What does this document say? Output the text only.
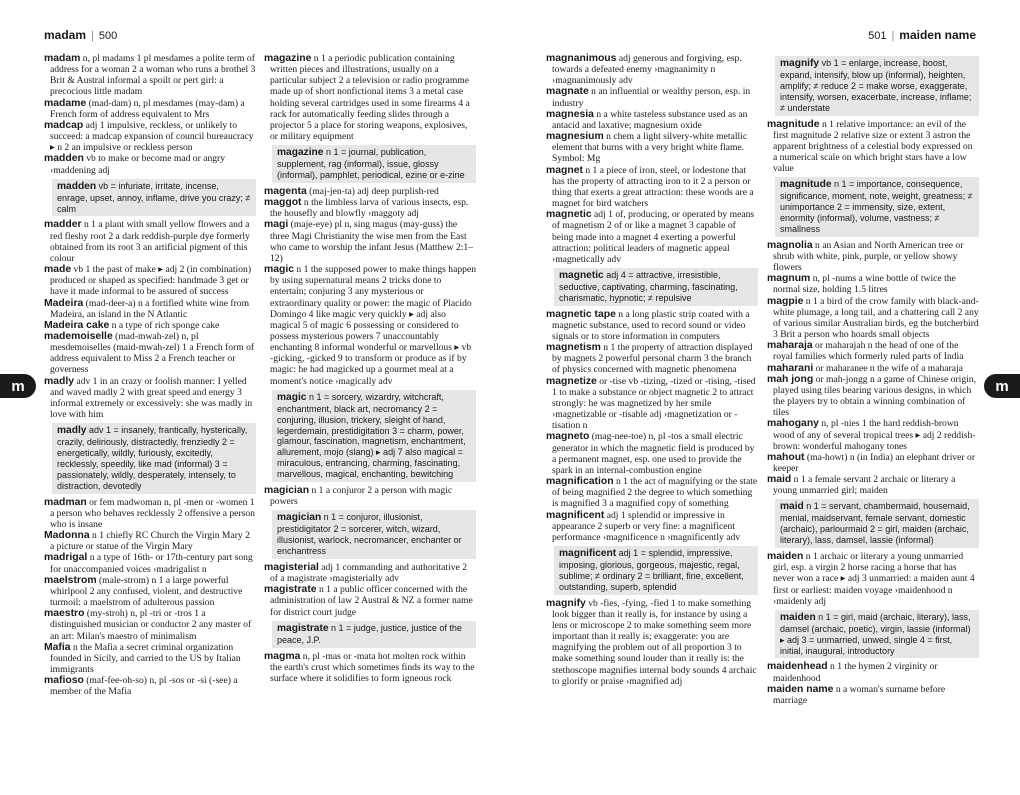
madam | 500	501 | maiden name
m	m
madam n, pl madams 1 pl mesdames a polite term of address for a woman 2 a woman who runs a brothel 3 Brit & Austral informal a spoilt or pert girl: a precocious little madam
madame (mad-dam) n, pl mesdames (may-dam) a French form of address equivalent to Mrs
madcap adj 1 impulsive, reckless, or unlikely to succeed: a madcap expansion of council bureaucracy ▸ n 2 an impulsive or reckless person
madden vb to make or become mad or angry ›maddening adj
madden vb = infuriate, irritate, incense, enrage, upset, annoy, inflame, drive you crazy; ≠ calm
madder n 1 a plant with small yellow flowers and a red fleshy root 2 a dark reddish-purple dye formerly obtained from its root 3 an artificial pigment of this colour
made vb 1 the past of make ▸ adj 2 (in combination) produced or shaped as specified: handmade 3 get or have it made informal to be assured of success
Madeira (mad-deer-a) n a fortified white wine from Madeira, an island in the N Atlantic
Madeira cake n a type of rich sponge cake
mademoiselle (mad-mwah-zel) n, pl mesdemoiselles (maid-mwah-zel) 1 a French form of address equivalent to Miss 2 a French teacher or governess
madly adv 1 in an crazy or foolish manner: I yelled and waved madly 2 with great speed and energy 3 informal extremely or excessively: she was madly in love with him
madly adv 1 = insanely, frantically, hysterically, crazily, deliriously, distractedly, frenziedly 2 = energetically, wildly, furiously, excitedly, recklessly, speedily, like mad (informal) 3 = passionately, wildly, desperately, intensely, to distraction, devotedly
madman or fem madwoman n, pl -men or -women 1 a person who behaves recklessly 2 offensive a person who is insane
Madonna n 1 chiefly RC Church the Virgin Mary 2 a picture or statue of the Virgin Mary
madrigal n a type of 16th- or 17th-century part song for unaccompanied voices ›madrigalist n
maelstrom (male-strom) n 1 a large powerful whirlpool 2 any confused, violent, and destructive turmoil: a maelstrom of adulterous passion
maestro (my-stroh) n, pl -tri or -tros 1 a distinguished musician or conductor 2 any master of an art: Milan's maestro of minimalism
Mafia n the Mafia a secret criminal organization founded in Sicily, and carried to the US by Italian immigrants
mafioso (maf-fee-oh-so) n, pl -sos or -si (-see) a member of the Mafia
magazine n 1 a periodic publication containing written pieces and illustrations, usually on a particular subject 2 a television or radio programme made up of short nonfictional items 3 a metal case holding several cartridges used in some firearms 4 a rack for automatically feeding slides through a projector 5 a place for storing weapons, explosives, or military equipment
magazine n 1 = journal, publication, supplement, rag (informal), issue, glossy (informal), pamphlet, periodical, ezine or e-zine
magenta (maj-jen-ta) adj deep purplish-red
maggot n the limbless larva of various insects, esp. the housefly and blowfly ›maggoty adj
magi (maje-eye) pl n, sing magus (may-guss) the three Magi Christianity the wise men from the East who came to worship the infant Jesus (Matthew 2:1–12)
magic n 1 the supposed power to make things happen by using supernatural means 2 tricks done to entertain; conjuring 3 any mysterious or extraordinary quality or power: the magic of Placido Domingo 4 like magic very quickly ▸ adj also magical 5 of magic 6 possessing or considered to possess mysterious powers 7 unaccountably enchanting 8 informal wonderful or marvellous ▸ vb -gicking, -gicked 9 to transform or produce as if by magic: he had magicked up a gourmet meal at a moment's notice ›magically adv
magic n 1 = sorcery, wizardry, witchcraft, enchantment, black art, necromancy 2 = conjuring, illusion, trickery, sleight of hand, legerdemain, prestidigitation 3 = charm, power, glamour, fascination, magnetism, enchantment, allurement, mojo (slang) ▸ adj 7 also magical = miraculous, entrancing, charming, fascinating, marvellous, magical, enchanting, bewitching
magician n 1 a conjuror 2 a person with magic powers
magician n 1 = conjuror, illusionist, prestidigitator 2 = sorcerer, witch, wizard, illusionist, warlock, necromancer, enchanter or enchantress
magisterial adj 1 commanding and authoritative 2 of a magistrate ›magisterially adv
magistrate n 1 a public officer concerned with the administration of law 2 Austral & NZ a former name for district court judge
magistrate n 1 = judge, justice, justice of the peace, J.P.
magma n, pl -mas or -mata hot molten rock within the earth's crust which sometimes finds its way to the surface where it solidifies to form igneous rock
magnanimous adj generous and forgiving, esp. towards a defeated enemy ›magnanimity n ›magnanimously adv
magnate n an influential or wealthy person, esp. in industry
magnesia n a white tasteless substance used as an antacid and laxative; magnesium oxide
magnesium n chem a light silvery-white metallic element that burns with a very bright white flame. Symbol: Mg
magnet n 1 a piece of iron, steel, or lodestone that has the property of attracting iron to it 2 a person or thing that exerts a great attraction: these woods are a magnet for bird watchers
magnetic adj 1 of, producing, or operated by means of magnetism 2 of or like a magnet 3 capable of being made into a magnet 4 exerting a powerful attraction: political leaders of magnetic appeal ›magnetically adv
magnetic adj 4 = attractive, irresistible, seductive, captivating, charming, fascinating, charismatic, hypnotic; ≠ repulsive
magnetic tape n a long plastic strip coated with a magnetic substance, used to record sound or video signals or to store information in computers
magnetism n 1 the property of attraction displayed by magnets 2 powerful personal charm 3 the branch of physics concerned with magnetic phenomena
magnetize or -tise vb -tizing, -tized or -tising, -tised 1 to make a substance or object magnetic 2 to attract strongly: he was magnetized by her smile ›magnetizable or -tisable adj ›magnetization or -tisation n
magneto (mag-nee-toe) n, pl -tos a small electric generator in which the magnetic field is produced by a permanent magnet, esp. one used to provide the spark in an internal-combustion engine
magnification n 1 the act of magnifying or the state of being magnified 2 the degree to which something is magnified 3 a magnified copy of something
magnificent adj 1 splendid or impressive in appearance 2 superb or very fine: a magnificent performance ›magnificence n ›magnificently adv
magnificent adj 1 = splendid, impressive, imposing, glorious, gorgeous, majestic, regal, sublime; ≠ ordinary 2 = brilliant, fine, excellent, outstanding, superb, splendid
magnify vb -fies, -fying, -fied 1 to make something look bigger than it really is, for instance by using a lens or microscope 2 to make something seem more important than it really is; exaggerate: you are magnifying the problem out of all proportion 3 to make something sound louder than it really is: the stethoscope magnifies internal body sounds 4 archaic to glorify or praise ›magnified adj
magnify vb 1 = enlarge, increase, boost, expand, intensify, blow up (informal), heighten, amplify; ≠ reduce 2 = make worse, exaggerate, intensify, worsen, exacerbate, increase, inflame; ≠ understate
magnitude n 1 relative importance: an evil of the first magnitude 2 relative size or extent 3 astron the apparent brightness of a celestial body expressed on a numerical scale on which bright stars have a low value
magnitude n 1 = importance, consequence, significance, moment, note, weight, greatness; ≠ unimportance 2 = immensity, size, extent, enormity (informal), volume, vastness; ≠ smallness
magnolia n an Asian and North American tree or shrub with white, pink, purple, or yellow showy flowers
magnum n, pl -nums a wine bottle of twice the normal size, holding 1.5 litres
magpie n 1 a bird of the crow family with black-and-white plumage, a long tail, and a chattering call 2 any of various similar Australian birds, eg the butcherbird 3 Brit a person who hoards small objects
maharaja or maharajah n the head of one of the royal families which formerly ruled parts of India
maharani or maharanee n the wife of a maharaja
mah jong or mah-jongg n a game of Chinese origin, played using tiles bearing various designs, in which the players try to obtain a winning combination of tiles
mahogany n, pl -nies 1 the hard reddish-brown wood of any of several tropical trees ▸ adj 2 reddish-brown: wonderful mahogany tones
mahout (ma-howt) n (in India) an elephant driver or keeper
maid n 1 a female servant 2 archaic or literary a young unmarried girl; maiden
maid n 1 = servant, chambermaid, housemaid, menial, maidservant, female servant, domestic (archaic), parlourmaid 2 = girl, maiden (archaic, literary), lass, damsel, lassie (informal)
maiden n 1 archaic or literary a young unmarried girl, esp. a virgin 2 horse racing a horse that has never won a race ▸ adj 3 unmarried: a maiden aunt 4 first or earliest: maiden voyage ›maidenhood n ›maidenly adj
maiden n 1 = girl, maid (archaic, literary), lass, damsel (archaic, poetic), virgin, lassie (informal) ▸ adj 3 = unmarried, unwed, single 4 = first, initial, inaugural, introductory
maidenhead n 1 the hymen 2 virginity or maidenhood
maiden name n a woman's surname before marriage
